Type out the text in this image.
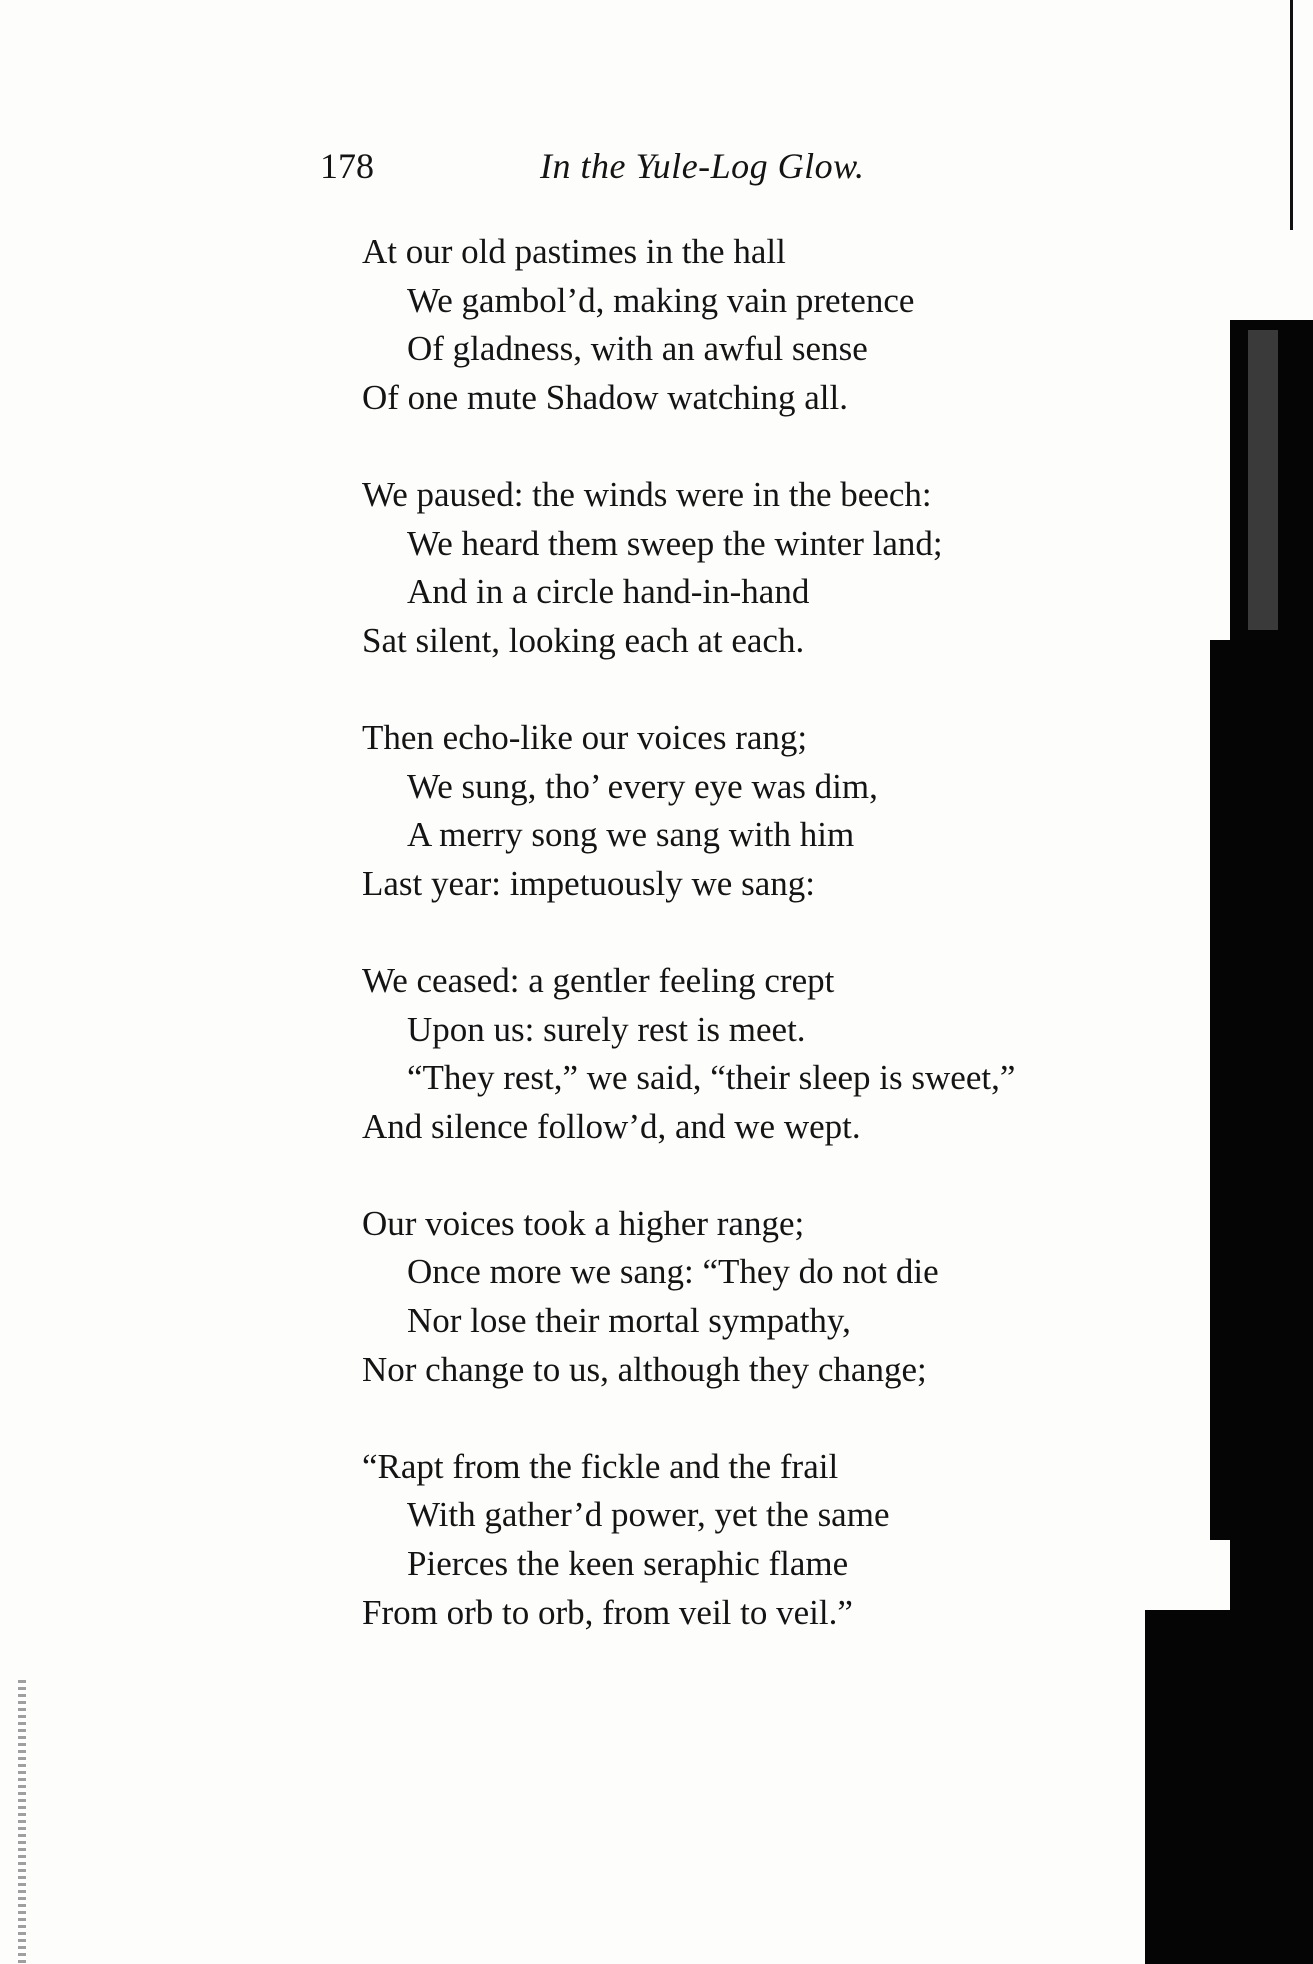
178	In the Yule-Log Glow.
At our old pastimes in the hall
We gambol’d, making vain pretence
Of gladness, with an awful sense
Of one mute Shadow watching all.
We paused: the winds were in the beech:
We heard them sweep the winter land;
And in a circle hand-in-hand
Sat silent, looking each at each.
Then echo-like our voices rang;
We sung, tho’ every eye was dim,
A merry song we sang with him
Last year: impetuously we sang:
We ceased: a gentler feeling crept
Upon us: surely rest is meet.
“They rest,” we said, “their sleep is sweet,”
And silence follow’d, and we wept.
Our voices took a higher range;
Once more we sang: “They do not die
Nor lose their mortal sympathy,
Nor change to us, although they change;
“Rapt from the fickle and the frail
With gather’d power, yet the same
Pierces the keen seraphic flame
From orb to orb, from veil to veil.”
